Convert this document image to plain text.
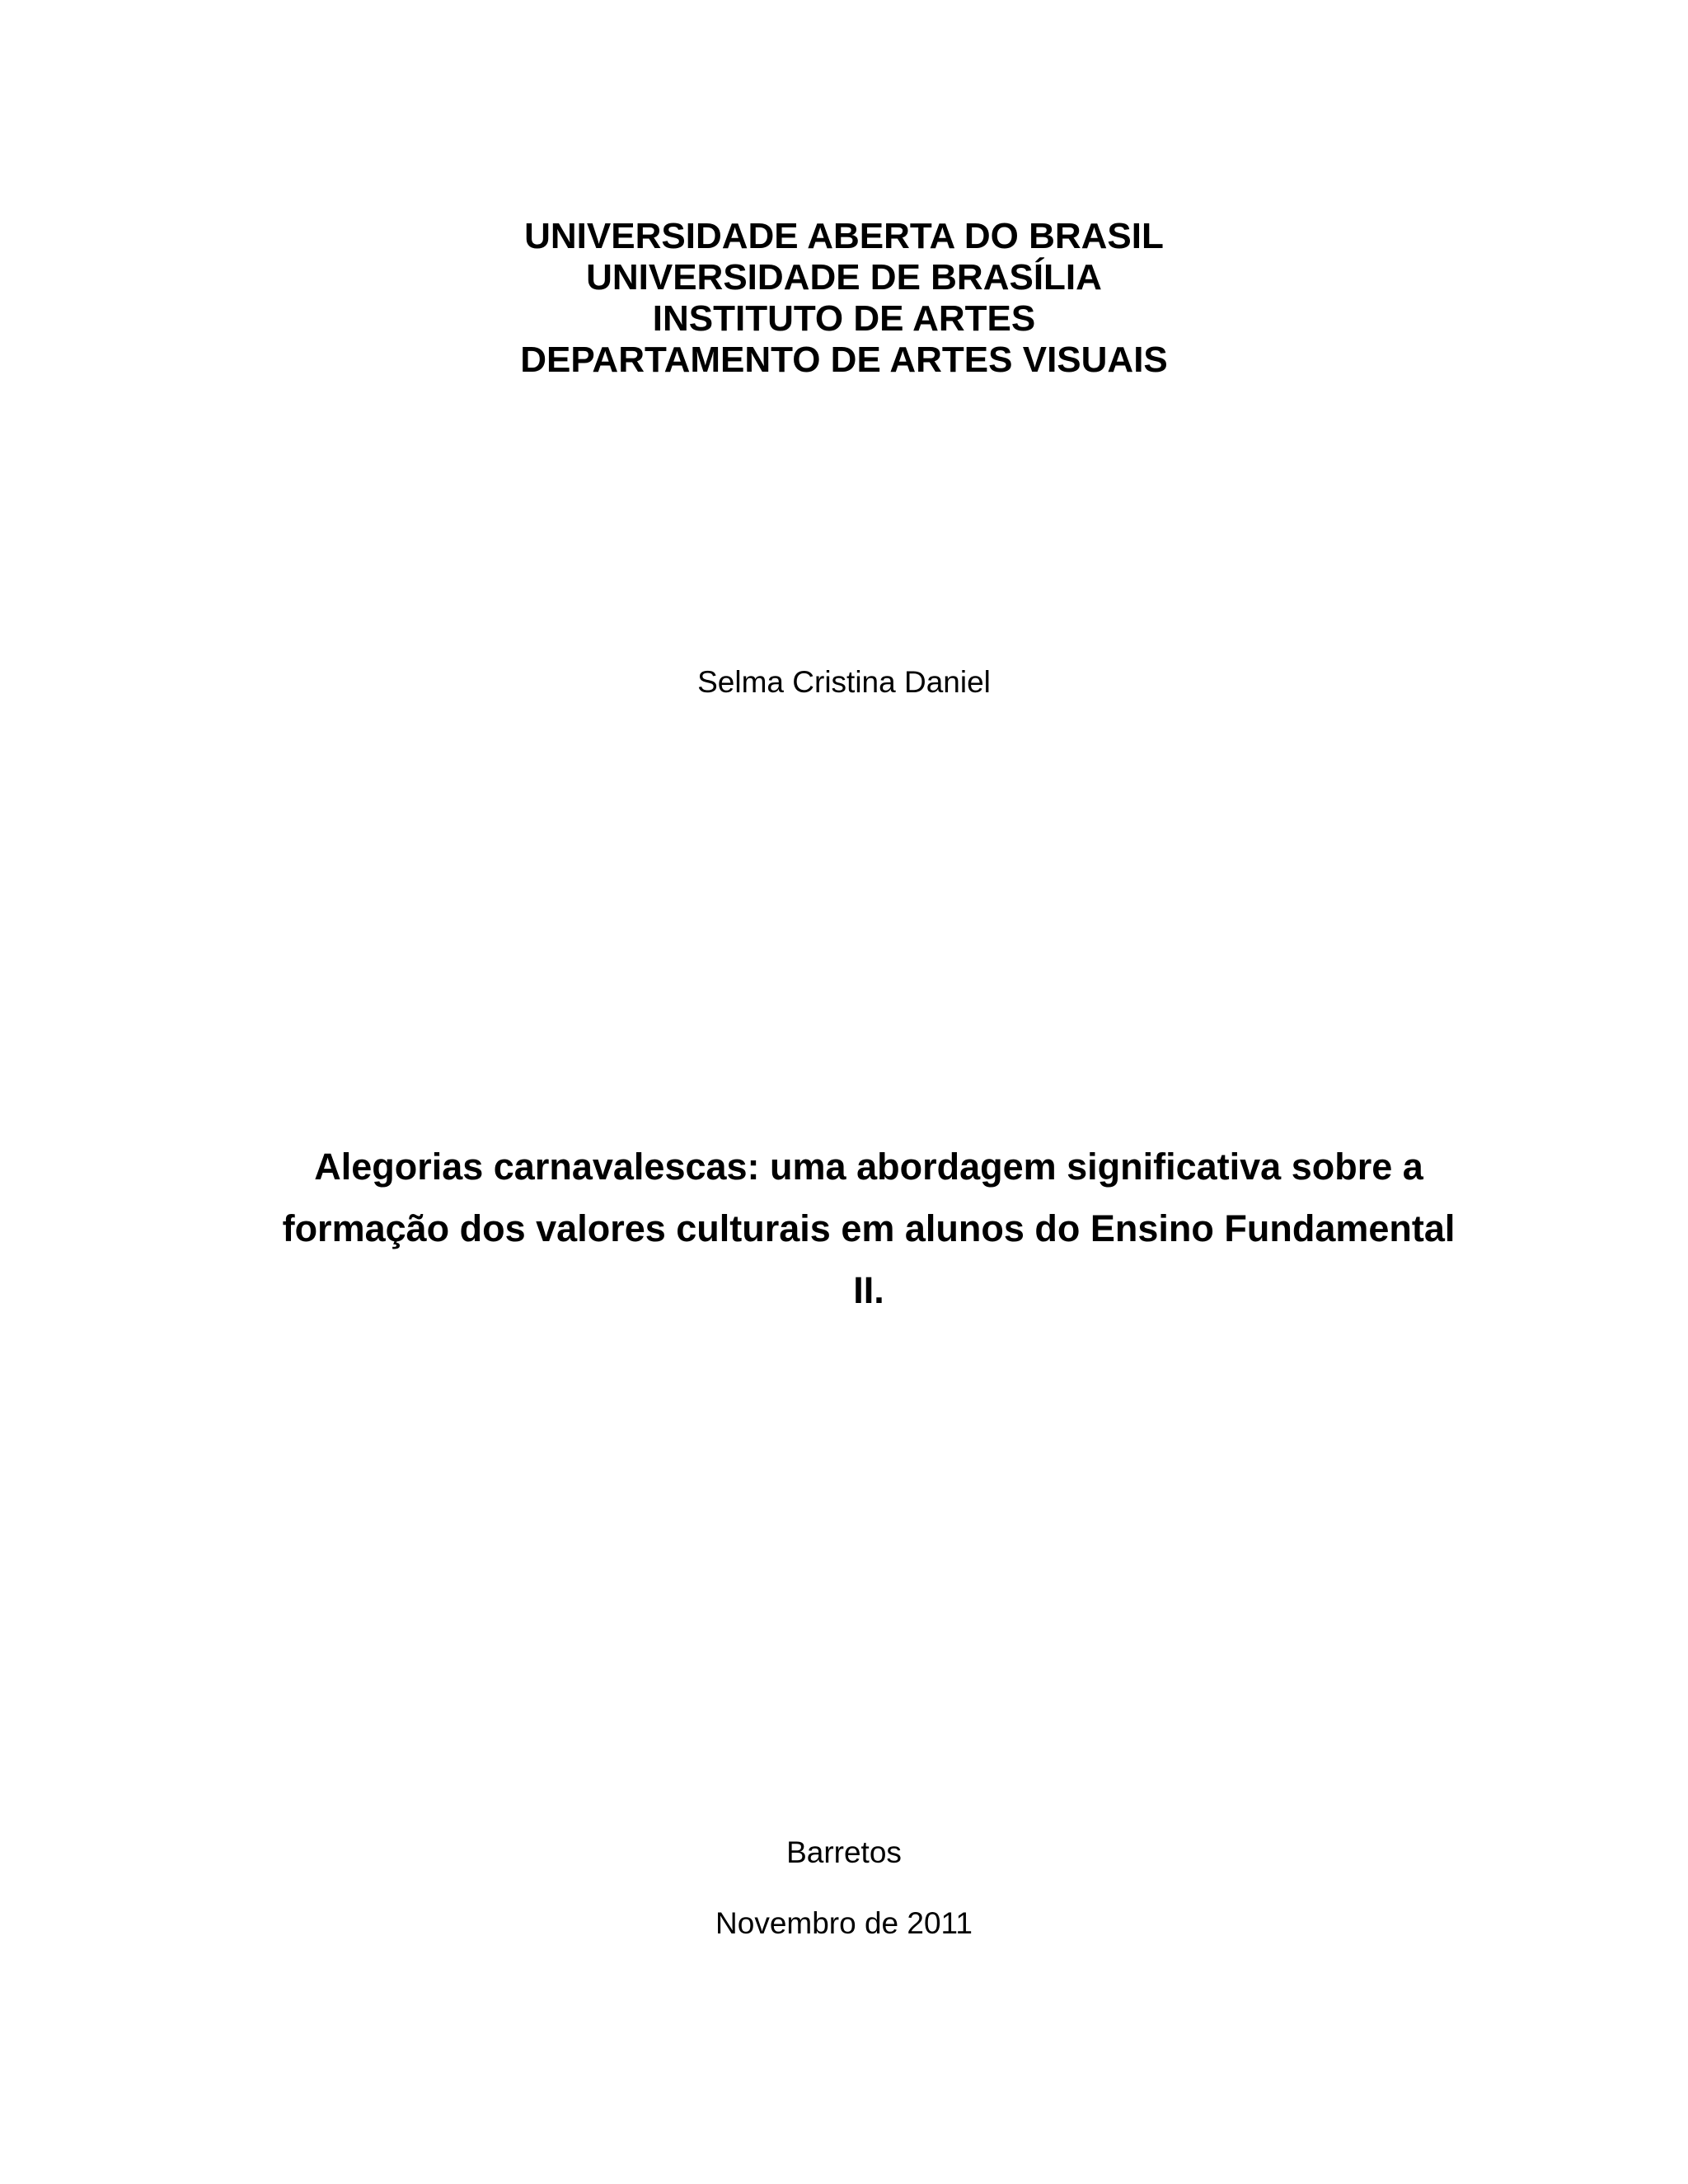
UNIVERSIDADE ABERTA DO BRASIL
UNIVERSIDADE DE BRASÍLIA
INSTITUTO DE ARTES
DEPARTAMENTO DE ARTES VISUAIS
Selma Cristina Daniel
Alegorias carnavalescas: uma abordagem significativa sobre a formação dos valores culturais em alunos do Ensino Fundamental II.
Barretos
Novembro de 2011
